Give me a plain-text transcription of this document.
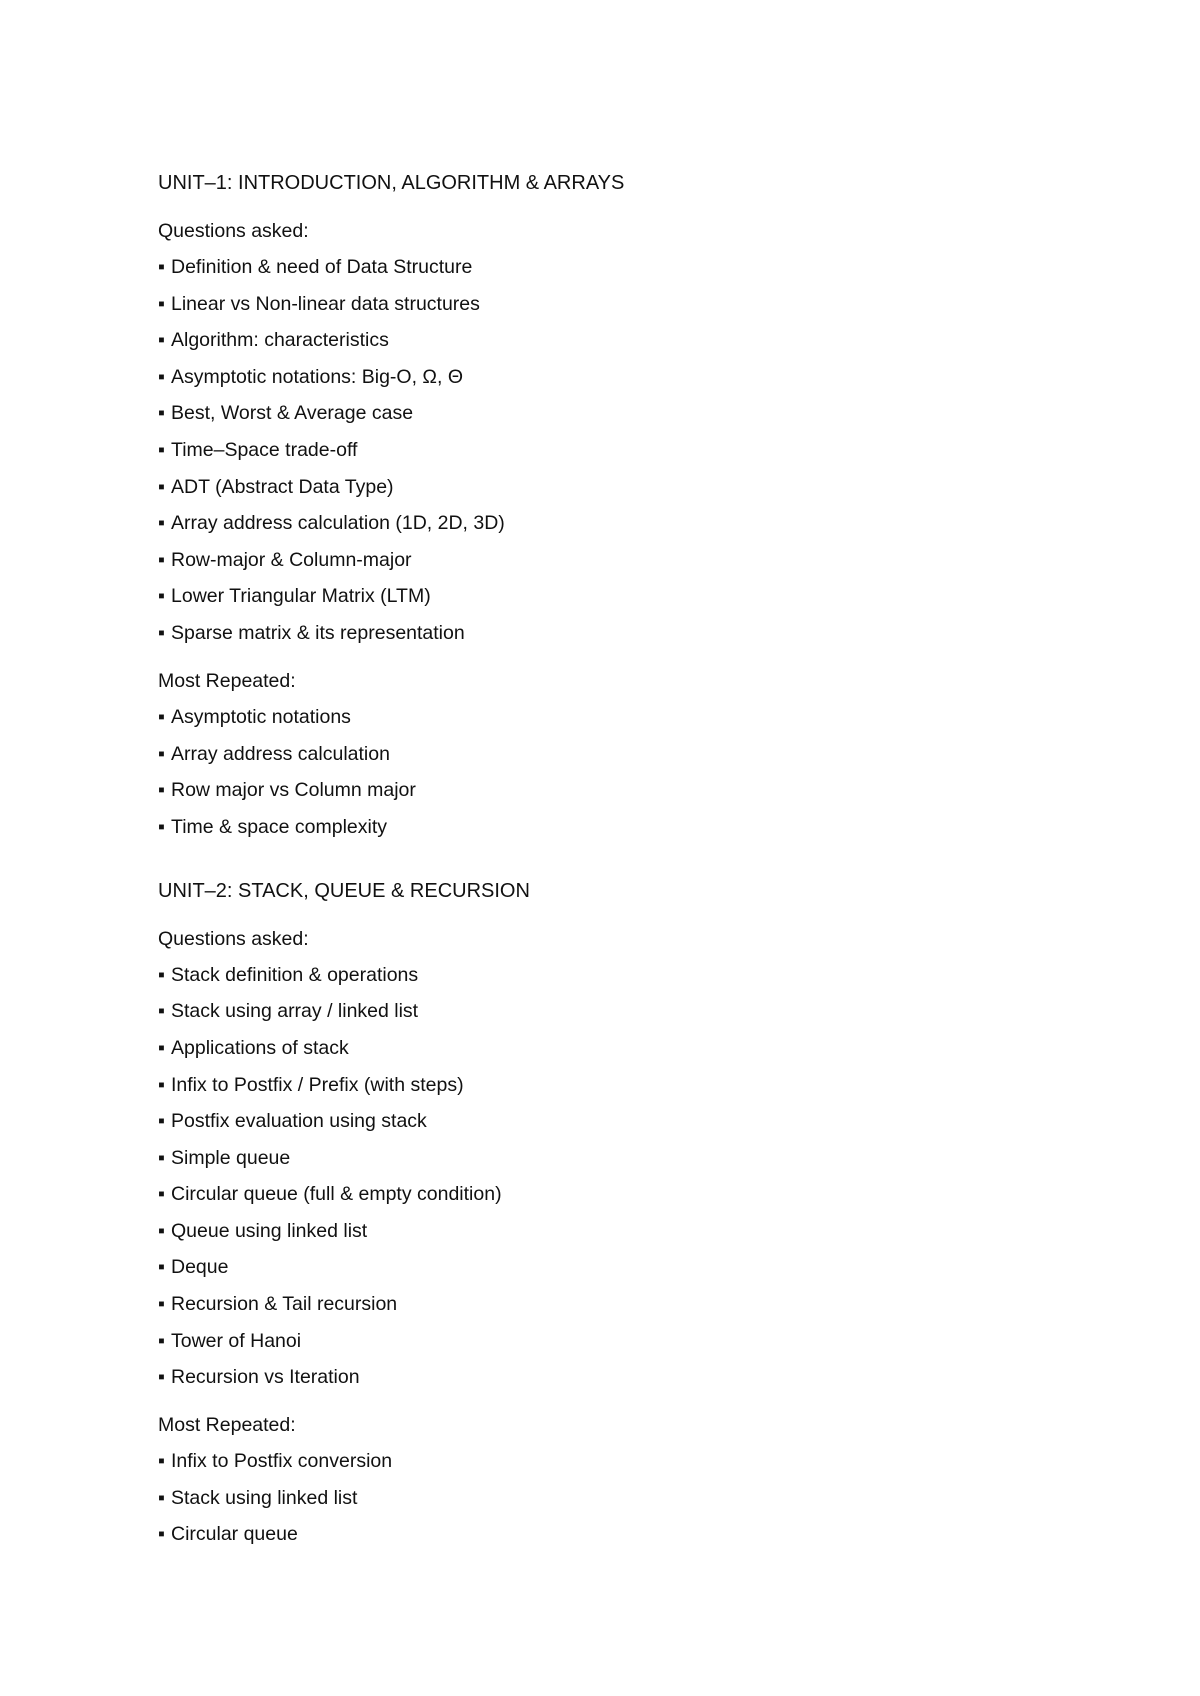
UNIT–1: INTRODUCTION, ALGORITHM & ARRAYS
Questions asked:
▪ Definition & need of Data Structure
▪ Linear vs Non-linear data structures
▪ Algorithm: characteristics
▪ Asymptotic notations: Big-O, Ω, Θ
▪ Best, Worst & Average case
▪ Time–Space trade-off
▪ ADT (Abstract Data Type)
▪ Array address calculation (1D, 2D, 3D)
▪ Row-major & Column-major
▪ Lower Triangular Matrix (LTM)
▪ Sparse matrix & its representation
Most Repeated:
▪ Asymptotic notations
▪ Array address calculation
▪ Row major vs Column major
▪ Time & space complexity
UNIT–2: STACK, QUEUE & RECURSION
Questions asked:
▪ Stack definition & operations
▪ Stack using array / linked list
▪ Applications of stack
▪ Infix to Postfix / Prefix (with steps)
▪ Postfix evaluation using stack
▪ Simple queue
▪ Circular queue (full & empty condition)
▪ Queue using linked list
▪ Deque
▪ Recursion & Tail recursion
▪ Tower of Hanoi
▪ Recursion vs Iteration
Most Repeated:
▪ Infix to Postfix conversion
▪ Stack using linked list
▪ Circular queue
